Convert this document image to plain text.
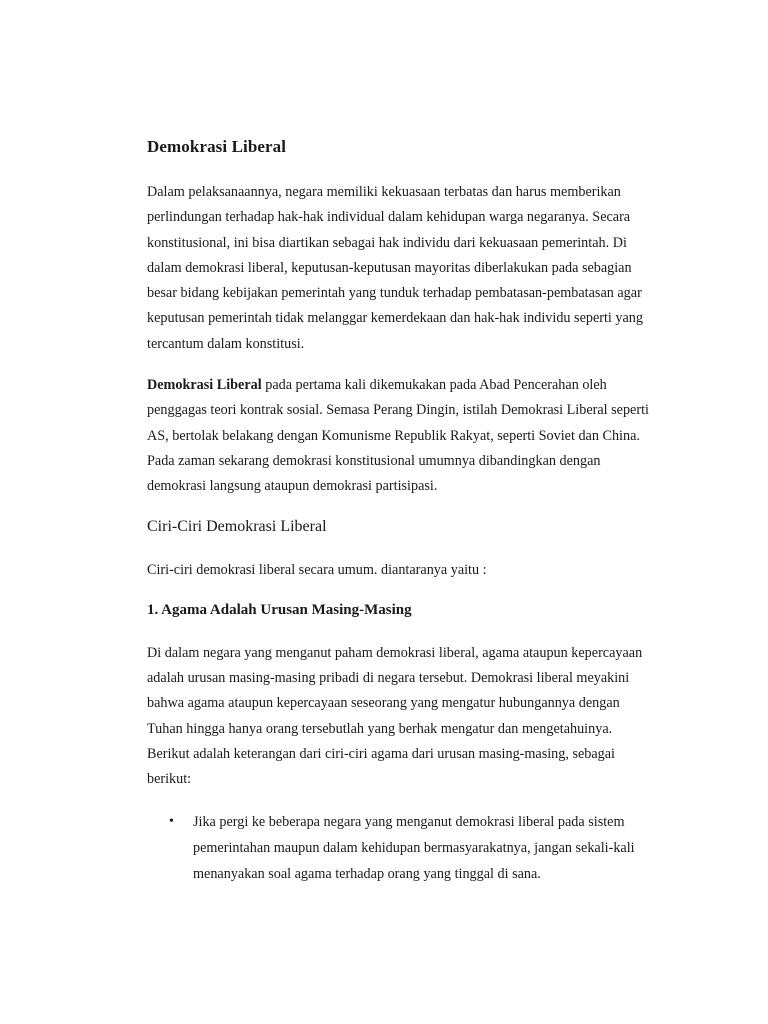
Demokrasi Liberal

Dalam pelaksanaannya, negara memiliki kekuasaan terbatas dan harus memberikan perlindungan terhadap hak-hak individual dalam kehidupan warga negaranya. Secara konstitusional, ini bisa diartikan sebagai hak individu dari kekuasaan pemerintah. Di dalam demokrasi liberal, keputusan-keputusan mayoritas diberlakukan pada sebagian besar bidang kebijakan pemerintah yang tunduk terhadap pembatasan-pembatasan agar keputusan pemerintah tidak melanggar kemerdekaan dan hak-hak individu seperti yang tercantum dalam konstitusi.

Demokrasi Liberal pada pertama kali dikemukakan pada Abad Pencerahan oleh penggagas teori kontrak sosial. Semasa Perang Dingin, istilah Demokrasi Liberal seperti AS, bertolak belakang dengan Komunisme Republik Rakyat, seperti Soviet dan China. Pada zaman sekarang demokrasi konstitusional umumnya dibandingkan dengan demokrasi langsung ataupun demokrasi partisipasi.

Ciri-Ciri Demokrasi Liberal

Ciri-ciri demokrasi liberal secara umum. diantaranya yaitu :

1. Agama Adalah Urusan Masing-Masing

Di dalam negara yang menganut paham demokrasi liberal, agama ataupun kepercayaan adalah urusan masing-masing pribadi di negara tersebut. Demokrasi liberal meyakini bahwa agama ataupun kepercayaan seseorang yang mengatur hubungannya dengan Tuhan hingga hanya orang tersebutlah yang berhak mengatur dan mengetahuinya. Berikut adalah keterangan dari ciri-ciri agama dari urusan masing-masing, sebagai berikut:

• Jika pergi ke beberapa negara yang menganut demokrasi liberal pada sistem pemerintahan maupun dalam kehidupan bermasyarakatnya, jangan sekali-kali menanyakan soal agama terhadap orang yang tinggal di sana.
